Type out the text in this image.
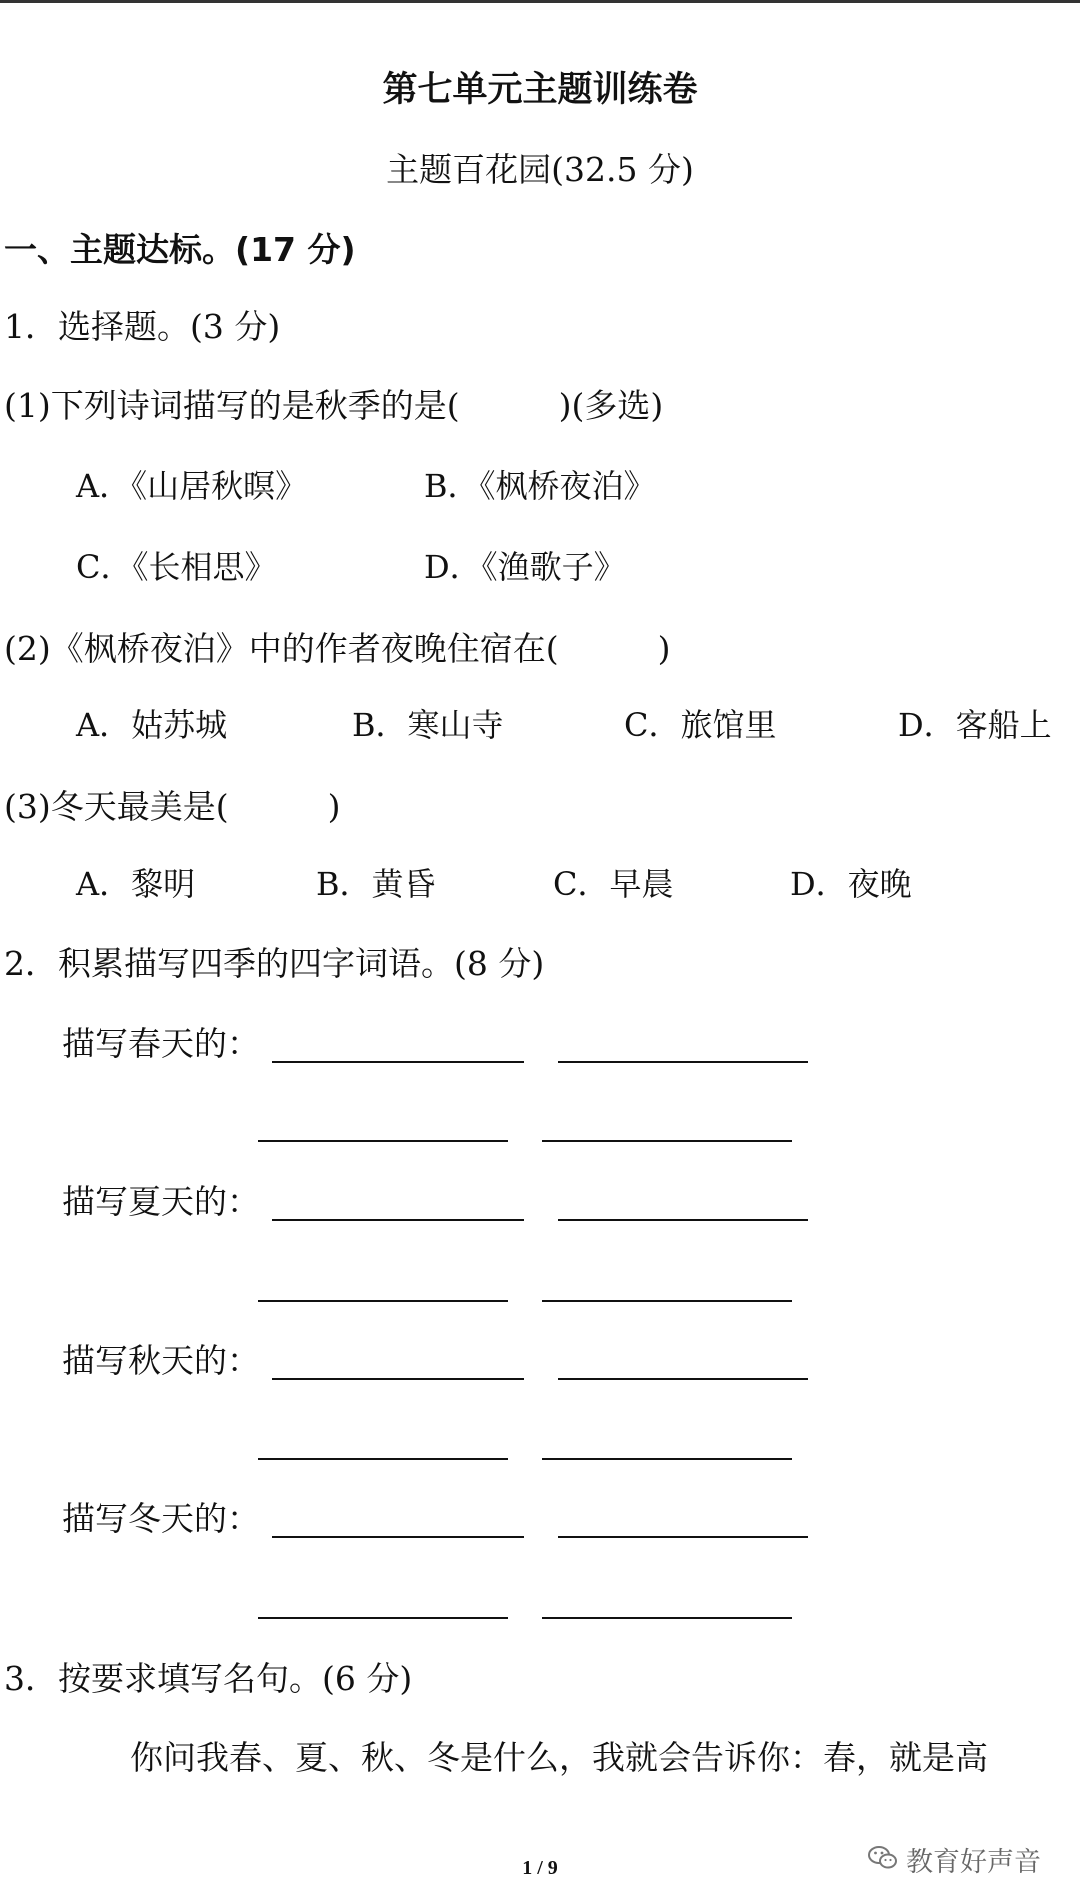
第七单元主题训练卷
主题百花园(32.5 分)
一、主题达标。(17 分)
1．选择题。(3 分)
(1)下列诗词描写的是秋季的是(　　　)(多选)
A．《山居秋暝》	B．《枫桥夜泊》
C．《长相思》	D．《渔歌子》
(2)《枫桥夜泊》中的作者夜晚住宿在(　　　)
A．姑苏城	B．寒山寺	C．旅馆里	D．客船上
(3)冬天最美是(　　　)
A．黎明	B．黄昏	C．早晨	D．夜晚
2．积累描写四季的四字词语。(8 分)
描写春天的：
描写夏天的：
描写秋天的：
描写冬天的：
3．按要求填写名句。(6 分)
你问我春、夏、秋、冬是什么，我就会告诉你：春，就是高
1 / 9	教育好声音
